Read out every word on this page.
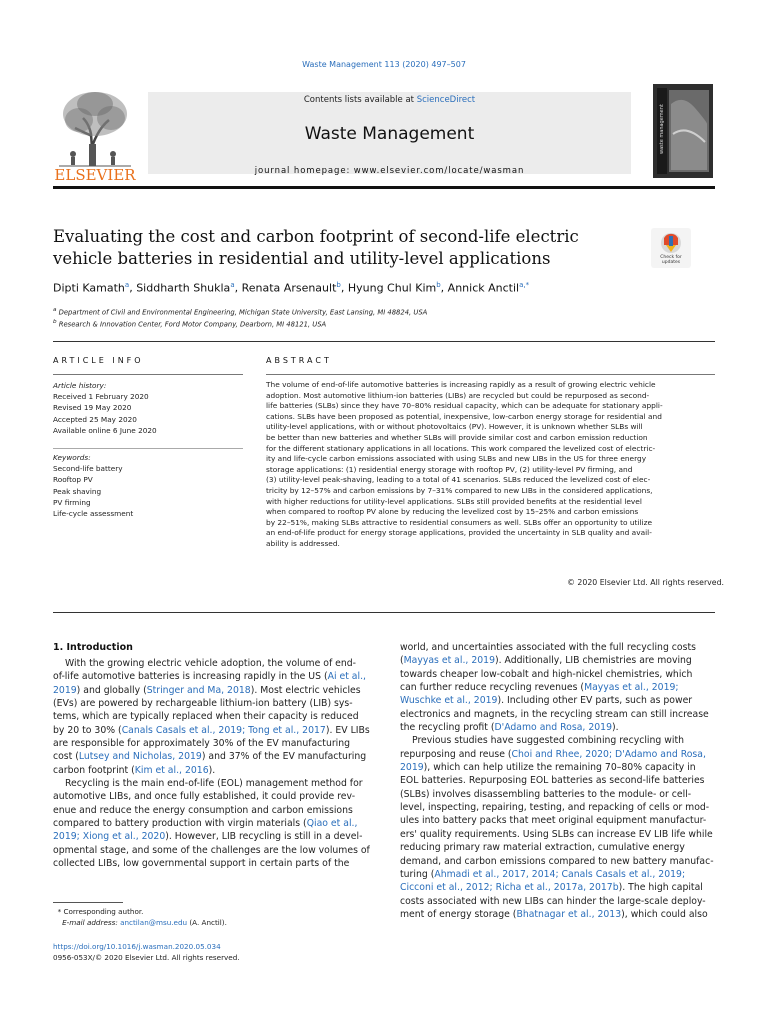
Waste Management 113 (2020) 497–507
ELSEVIER
Contents lists available at ScienceDirect
Waste Management
journal homepage: www.elsevier.com/locate/wasman
waste management
Evaluating the cost and carbon footprint of second-life electric vehicle batteries in residential and utility-level applications	Check for updates
Dipti Kamath$^a$, Siddharth Shukla$^a$, Renata Arsenault$^b$, Hyung Chul Kim$^b$, Annick Anctil$^{a,*}$
$^a$ Department of Civil and Environmental Engineering, Michigan State University, East Lansing, MI 48824, USA
$^b$ Research & Innovation Center, Ford Motor Company, Dearborn, MI 48121, USA
ARTICLE INFO
Article history:
Received 1 February 2020
Revised 19 May 2020
Accepted 25 May 2020
Available online 6 June 2020
Keywords:
Second-life battery
Rooftop PV
Peak shaving
PV firming
Life-cycle assessment
ABSTRACT
The volume of end-of-life automotive batteries is increasing rapidly as a result of growing electric vehicle
adoption. Most automotive lithium-ion batteries (LIBs) are recycled but could be repurposed as second-
life batteries (SLBs) since they have 70–80% residual capacity, which can be adequate for stationary appli-
cations. SLBs have been proposed as potential, inexpensive, low-carbon energy storage for residential and
utility-level applications, with or without photovoltaics (PV). However, it is unknown whether SLBs will
be better than new batteries and whether SLBs will provide similar cost and carbon emission reduction
for the different stationary applications in all locations. This work compared the levelized cost of electric-
ity and life-cycle carbon emissions associated with using SLBs and new LIBs in the US for three energy
storage applications: (1) residential energy storage with rooftop PV, (2) utility-level PV firming, and
(3) utility-level peak-shaving, leading to a total of 41 scenarios. SLBs reduced the levelized cost of elec-
tricity by 12–57% and carbon emissions by 7–31% compared to new LIBs in the considered applications,
with higher reductions for utility-level applications. SLBs still provided benefits at the residential level
when compared to rooftop PV alone by reducing the levelized cost by 15–25% and carbon emissions
by 22–51%, making SLBs attractive to residential consumers as well. SLBs offer an opportunity to utilize
an end-of-life product for energy storage applications, provided the uncertainty in SLB quality and avail-
ability is addressed.
© 2020 Elsevier Ltd. All rights reserved.
1. Introduction
With the growing electric vehicle adoption, the volume of end-
of-life automotive batteries is increasing rapidly in the US (Ai et al.,
2019) and globally (Stringer and Ma, 2018). Most electric vehicles
(EVs) are powered by rechargeable lithium-ion battery (LIB) sys-
tems, which are typically replaced when their capacity is reduced
by 20 to 30% (Canals Casals et al., 2019; Tong et al., 2017). EV LIBs
are responsible for approximately 30% of the EV manufacturing
cost (Lutsey and Nicholas, 2019) and 37% of the EV manufacturing
carbon footprint (Kim et al., 2016).
Recycling is the main end-of-life (EOL) management method for
automotive LIBs, and once fully established, it could provide rev-
enue and reduce the energy consumption and carbon emissions
compared to battery production with virgin materials (Qiao et al.,
2019; Xiong et al., 2020). However, LIB recycling is still in a devel-
opmental stage, and some of the challenges are the low volumes of
collected LIBs, low governmental support in certain parts of the
world, and uncertainties associated with the full recycling costs
(Mayyas et al., 2019). Additionally, LIB chemistries are moving
towards cheaper low-cobalt and high-nickel chemistries, which
can further reduce recycling revenues (Mayyas et al., 2019;
Wuschke et al., 2019). Including other EV parts, such as power
electronics and magnets, in the recycling stream can still increase
the recycling profit (D'Adamo and Rosa, 2019).
Previous studies have suggested combining recycling with
repurposing and reuse (Choi and Rhee, 2020; D'Adamo and Rosa,
2019), which can help utilize the remaining 70–80% capacity in
EOL batteries. Repurposing EOL batteries as second-life batteries
(SLBs) involves disassembling batteries to the module- or cell-
level, inspecting, repairing, testing, and repacking of cells or mod-
ules into battery packs that meet original equipment manufactur-
ers' quality requirements. Using SLBs can increase EV LIB life while
reducing primary raw material extraction, cumulative energy
demand, and carbon emissions compared to new battery manufac-
turing (Ahmadi et al., 2017, 2014; Canals Casals et al., 2019;
Cicconi et al., 2012; Richa et al., 2017a, 2017b). The high capital
costs associated with new LIBs can hinder the large-scale deploy-
ment of energy storage (Bhatnagar et al., 2013), which could also
* Corresponding author.
E-mail address: anctilan@msu.edu (A. Anctil).
https://doi.org/10.1016/j.wasman.2020.05.034
0956-053X/© 2020 Elsevier Ltd. All rights reserved.
